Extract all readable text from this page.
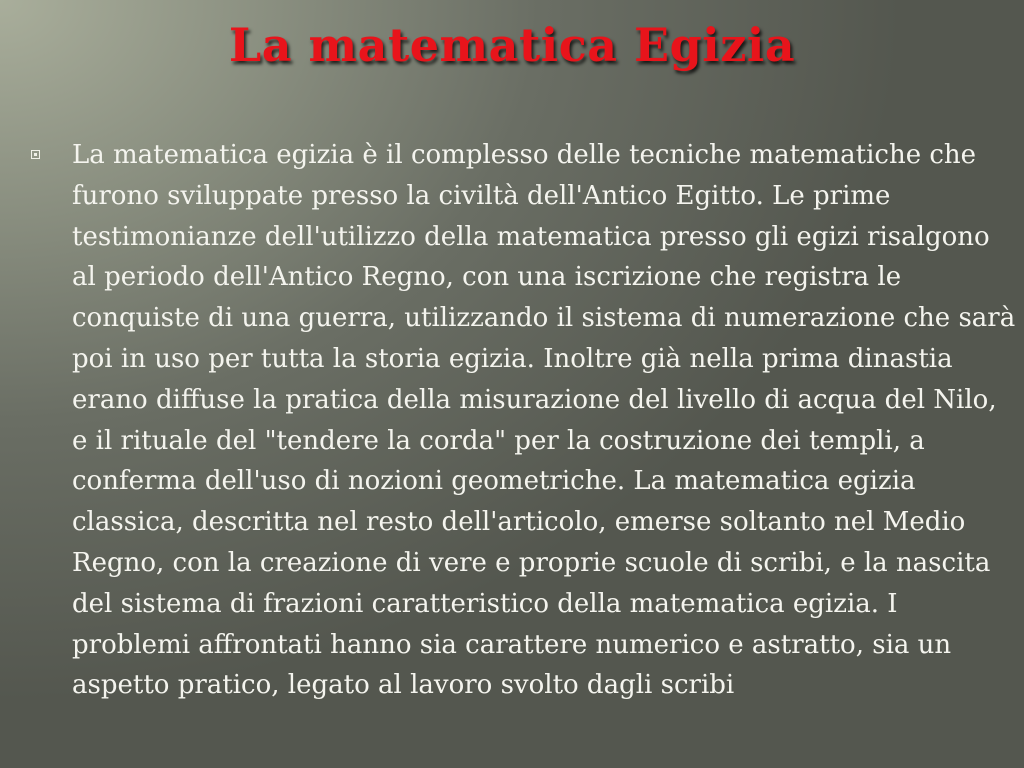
La matematica Egizia

La matematica egizia è il complesso delle tecniche matematiche che furono sviluppate presso la civiltà dell'Antico Egitto. Le prime testimonianze dell'utilizzo della matematica presso gli egizi risalgono al periodo dell'Antico Regno, con una iscrizione che registra le conquiste di una guerra, utilizzando il sistema di numerazione che sarà poi in uso per tutta la storia egizia. Inoltre già nella prima dinastia erano diffuse la pratica della misurazione del livello di acqua del Nilo, e il rituale del "tendere la corda" per la costruzione dei templi, a conferma dell'uso di nozioni geometriche. La matematica egizia classica, descritta nel resto dell'articolo, emerse soltanto nel Medio Regno, con la creazione di vere e proprie scuole di scribi, e la nascita del sistema di frazioni caratteristico della matematica egizia. I problemi affrontati hanno sia carattere numerico e astratto, sia un aspetto pratico, legato al lavoro svolto dagli scribi
